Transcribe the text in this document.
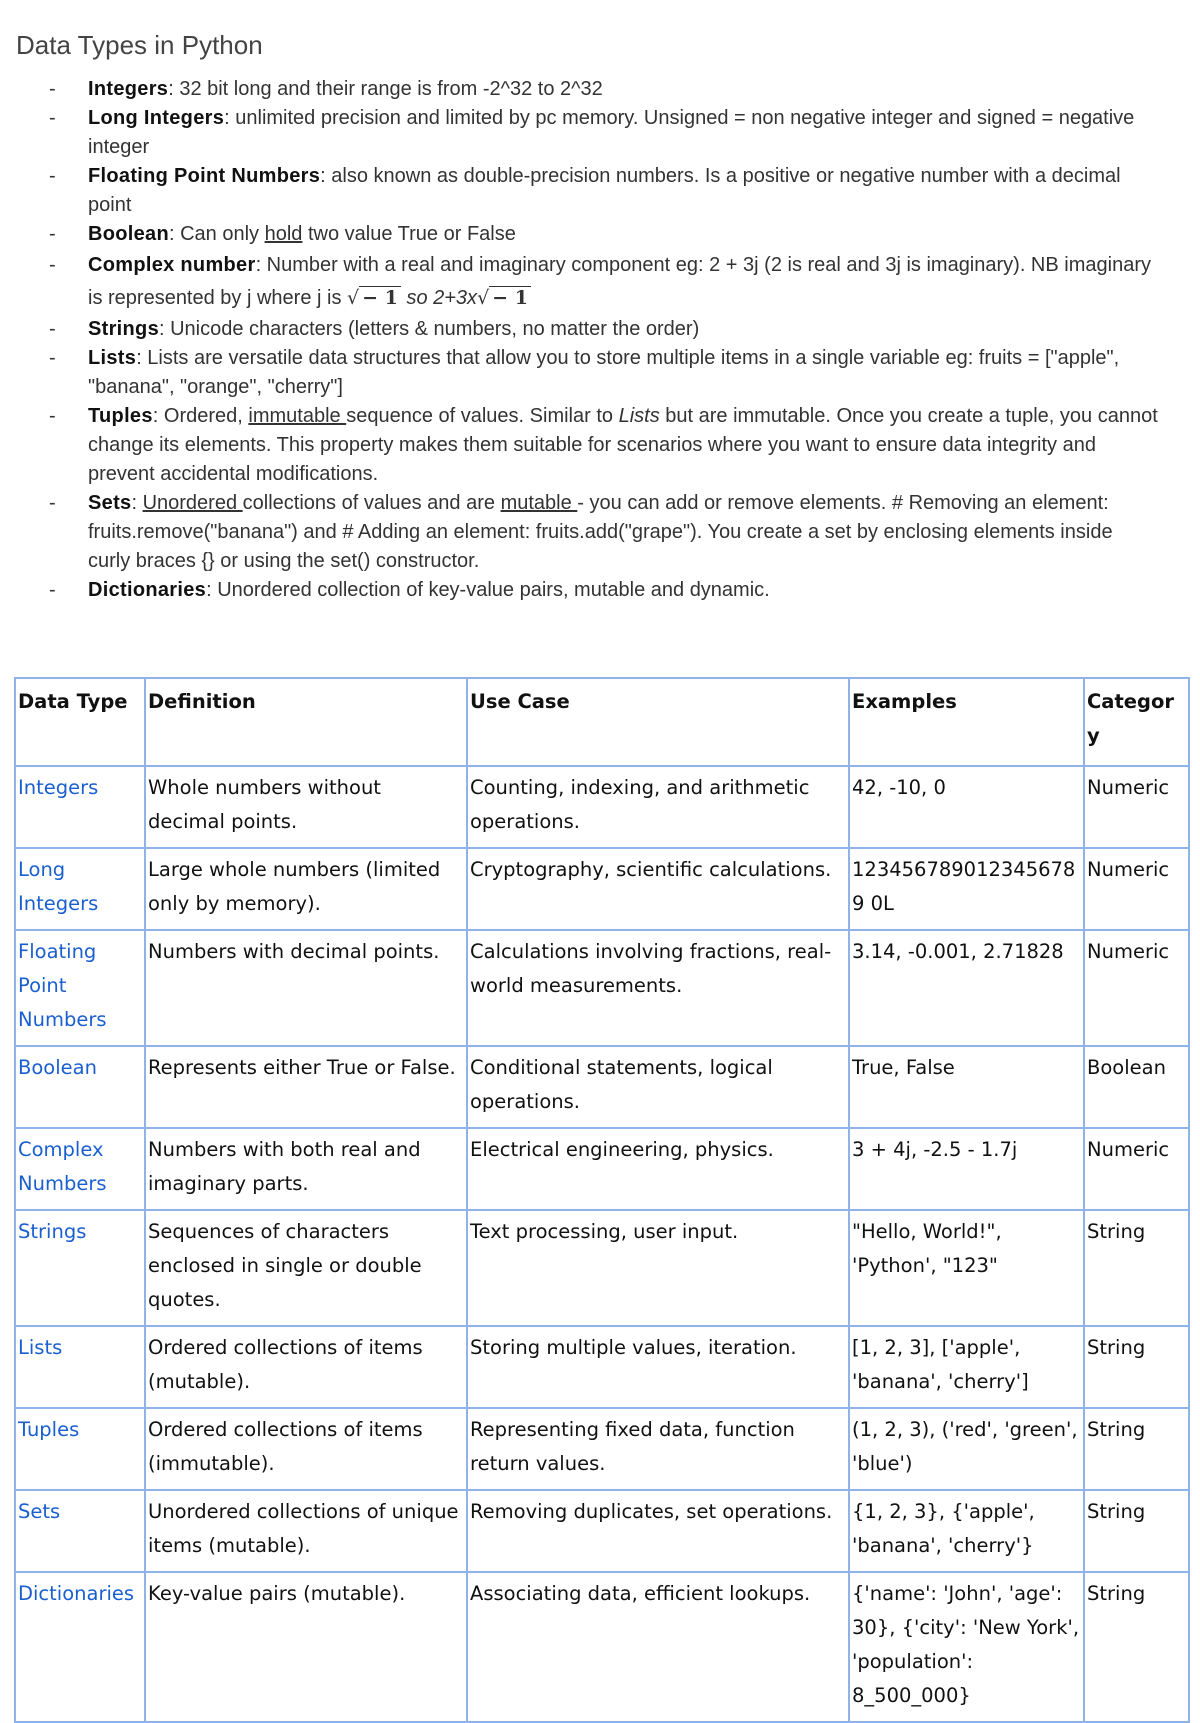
Data Types in Python
- Integers: 32 bit long and their range is from -2^32 to 2^32
- Long Integers: unlimited precision and limited by pc memory. Unsigned = non negative integer and signed = negative integer
- Floating Point Numbers: also known as double-precision numbers. Is a positive or negative number with a decimal point
- Boolean: Can only hold two value True or False
- Complex number: Number with a real and imaginary component eg: 2 + 3j (2 is real and 3j is imaginary). NB imaginary is represented by j where j is √ − 1 so 2+3x√ − 1
- Strings: Unicode characters (letters & numbers, no matter the order)
- Lists: Lists are versatile data structures that allow you to store multiple items in a single variable eg: fruits = ["apple", "banana", "orange", "cherry"]
- Tuples: Ordered, immutable sequence of values. Similar to Lists but are immutable. Once you create a tuple, you cannot change its elements. This property makes them suitable for scenarios where you want to ensure data integrity and prevent accidental modifications.
- Sets: Unordered collections of values and are mutable - you can add or remove elements. # Removing an element: fruits.remove("banana") and # Adding an element: fruits.add("grape"). You create a set by enclosing elements inside curly braces {} or using the set() constructor.
- Dictionaries: Unordered collection of key-value pairs, mutable and dynamic.
Data Type	Definition	Use Case	Examples	Category
Integers	Whole numbers without decimal points.	Counting, indexing, and arithmetic operations.	42, -10, 0	Numeric
Long Integers	Large whole numbers (limited only by memory).	Cryptography, scientific calculations.	1234567890123456789 0L	Numeric
Floating Point Numbers	Numbers with decimal points.	Calculations involving fractions, real-world measurements.	3.14, -0.001, 2.71828	Numeric
Boolean	Represents either True or False.	Conditional statements, logical operations.	True, False	Boolean
Complex Numbers	Numbers with both real and imaginary parts.	Electrical engineering, physics.	3 + 4j, -2.5 - 1.7j	Numeric
Strings	Sequences of characters enclosed in single or double quotes.	Text processing, user input.	"Hello, World!", 'Python', "123"	String
Lists	Ordered collections of items (mutable).	Storing multiple values, iteration.	[1, 2, 3], ['apple', 'banana', 'cherry']	String
Tuples	Ordered collections of items (immutable).	Representing fixed data, function return values.	(1, 2, 3), ('red', 'green', 'blue')	String
Sets	Unordered collections of unique items (mutable).	Removing duplicates, set operations.	{1, 2, 3}, {'apple', 'banana', 'cherry'}	String
Dictionaries	Key-value pairs (mutable).	Associating data, efficient lookups.	{'name': 'John', 'age': 30}, {'city': 'New York', 'population': 8_500_000}	String
